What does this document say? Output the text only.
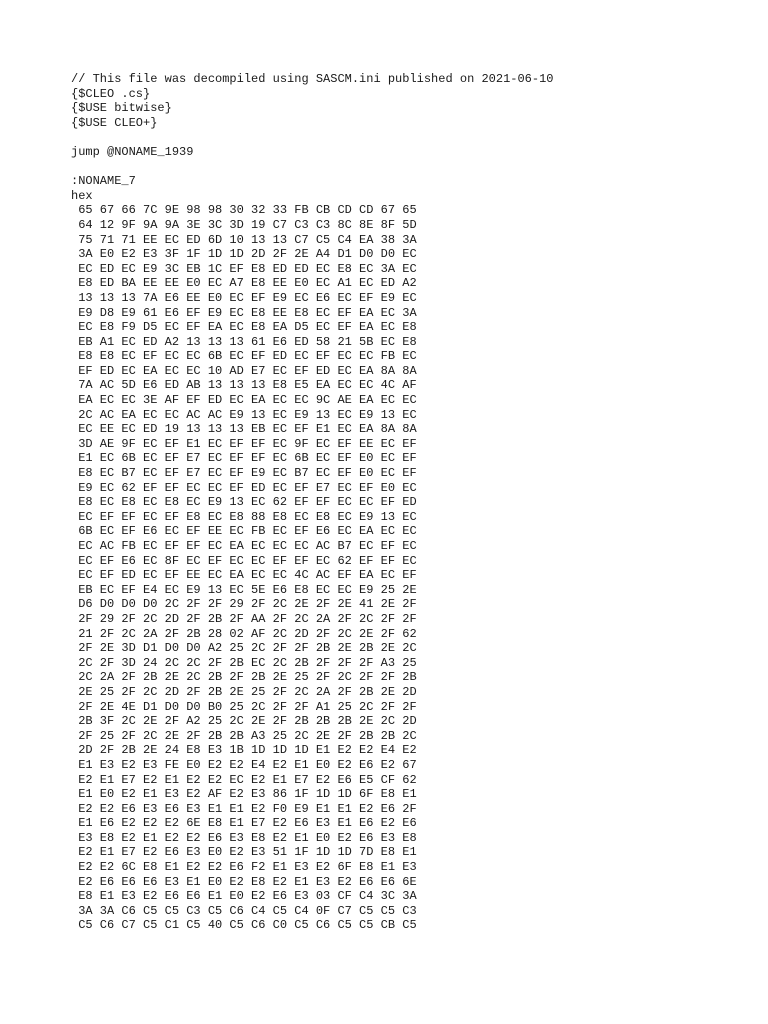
// This file was decompiled using SASCM.ini published on 2021-06-10
{$CLEO .cs}
{$USE bitwise}
{$USE CLEO+}
jump @NONAME_1939
:NONAME_7
hex
65 67 66 7C 9E 98 98 30 32 33 FB CB CD CD 67 65
64 12 9F 9A 9A 3E 3C 3D 19 C7 C3 C3 8C 8E 8F 5D
75 71 71 EE EC ED 6D 10 13 13 C7 C5 C4 EA 38 3A
3A E0 E2 E3 3F 1F 1D 1D 2D 2F 2E A4 D1 D0 D0 EC
EC ED EC E9 3C EB 1C EF E8 ED ED EC E8 EC 3A EC
E8 ED BA EE EE E0 EC A7 E8 EE E0 EC A1 EC ED A2
13 13 13 7A E6 EE E0 EC EF E9 EC E6 EC EF E9 EC
E9 D8 E9 61 E6 EF E9 EC E8 EE E8 EC EF EA EC 3A
EC E8 F9 D5 EC EF EA EC E8 EA D5 EC EF EA EC E8
EB A1 EC ED A2 13 13 13 61 E6 ED 58 21 5B EC E8
E8 E8 EC EF EC EC 6B EC EF ED EC EF EC EC FB EC
EF ED EC EA EC EC 10 AD E7 EC EF ED EC EA 8A 8A
7A AC 5D E6 ED AB 13 13 13 E8 E5 EA EC EC 4C AF
EA EC EC 3E AF EF ED EC EA EC EC 9C AE EA EC EC
2C AC EA EC EC AC AC E9 13 EC E9 13 EC E9 13 EC
EC EE EC ED 19 13 13 13 EB EC EF E1 EC EA 8A 8A
3D AE 9F EC EF E1 EC EF EF EC 9F EC EF EE EC EF
E1 EC 6B EC EF E7 EC EF EF EC 6B EC EF E0 EC EF
E8 EC B7 EC EF E7 EC EF E9 EC B7 EC EF E0 EC EF
E9 EC 62 EF EF EC EC EF ED EC EF E7 EC EF E0 EC
E8 EC E8 EC E8 EC E9 13 EC 62 EF EF EC EC EF ED
EC EF EF EC EF E8 EC E8 88 E8 EC E8 EC E9 13 EC
6B EC EF E6 EC EF EE EC FB EC EF E6 EC EA EC EC
EC AC FB EC EF EF EC EA EC EC EC AC B7 EC EF EC
EC EF E6 EC 8F EC EF EC EC EF EF EC 62 EF EF EC
EC EF ED EC EF EE EC EA EC EC 4C AC EF EA EC EF
EB EC EF E4 EC E9 13 EC 5E E6 E8 EC EC E9 25 2E
D6 D0 D0 D0 2C 2F 2F 29 2F 2C 2E 2F 2E 41 2E 2F
2F 29 2F 2C 2D 2F 2B 2F AA 2F 2C 2A 2F 2C 2F 2F
21 2F 2C 2A 2F 2B 28 02 AF 2C 2D 2F 2C 2E 2F 62
2F 2E 3D D1 D0 D0 A2 25 2C 2F 2F 2B 2E 2B 2E 2C
2C 2F 3D 24 2C 2C 2F 2B EC 2C 2B 2F 2F 2F A3 25
2C 2A 2F 2B 2E 2C 2B 2F 2B 2E 25 2F 2C 2F 2F 2B
2E 25 2F 2C 2D 2F 2B 2E 25 2F 2C 2A 2F 2B 2E 2D
2F 2E 4E D1 D0 D0 B0 25 2C 2F 2F A1 25 2C 2F 2F
2B 3F 2C 2E 2F A2 25 2C 2E 2F 2B 2B 2B 2E 2C 2D
2F 25 2F 2C 2E 2F 2B 2B A3 25 2C 2E 2F 2B 2B 2C
2D 2F 2B 2E 24 E8 E3 1B 1D 1D 1D E1 E2 E2 E4 E2
E1 E3 E2 E3 FE E0 E2 E2 E4 E2 E1 E0 E2 E6 E2 67
E2 E1 E7 E2 E1 E2 E2 EC E2 E1 E7 E2 E6 E5 CF 62
E1 E0 E2 E1 E3 E2 AF E2 E3 86 1F 1D 1D 6F E8 E1
E2 E2 E6 E3 E6 E3 E1 E1 E2 F0 E9 E1 E1 E2 E6 2F
E1 E6 E2 E2 E2 6E E8 E1 E7 E2 E6 E3 E1 E6 E2 E6
E3 E8 E2 E1 E2 E2 E6 E3 E8 E2 E1 E0 E2 E6 E3 E8
E2 E1 E7 E2 E6 E3 E0 E2 E3 51 1F 1D 1D 7D E8 E1
E2 E2 6C E8 E1 E2 E2 E6 F2 E1 E3 E2 6F E8 E1 E3
E2 E6 E6 E6 E3 E1 E0 E2 E8 E2 E1 E3 E2 E6 E6 6E
E8 E1 E3 E2 E6 E6 E1 E0 E2 E6 E3 03 CF C4 3C 3A
3A 3A C6 C5 C5 C3 C5 C6 C4 C5 C4 0F C7 C5 C5 C3
C5 C6 C7 C5 C1 C5 40 C5 C6 C0 C5 C6 C5 C5 CB C5
